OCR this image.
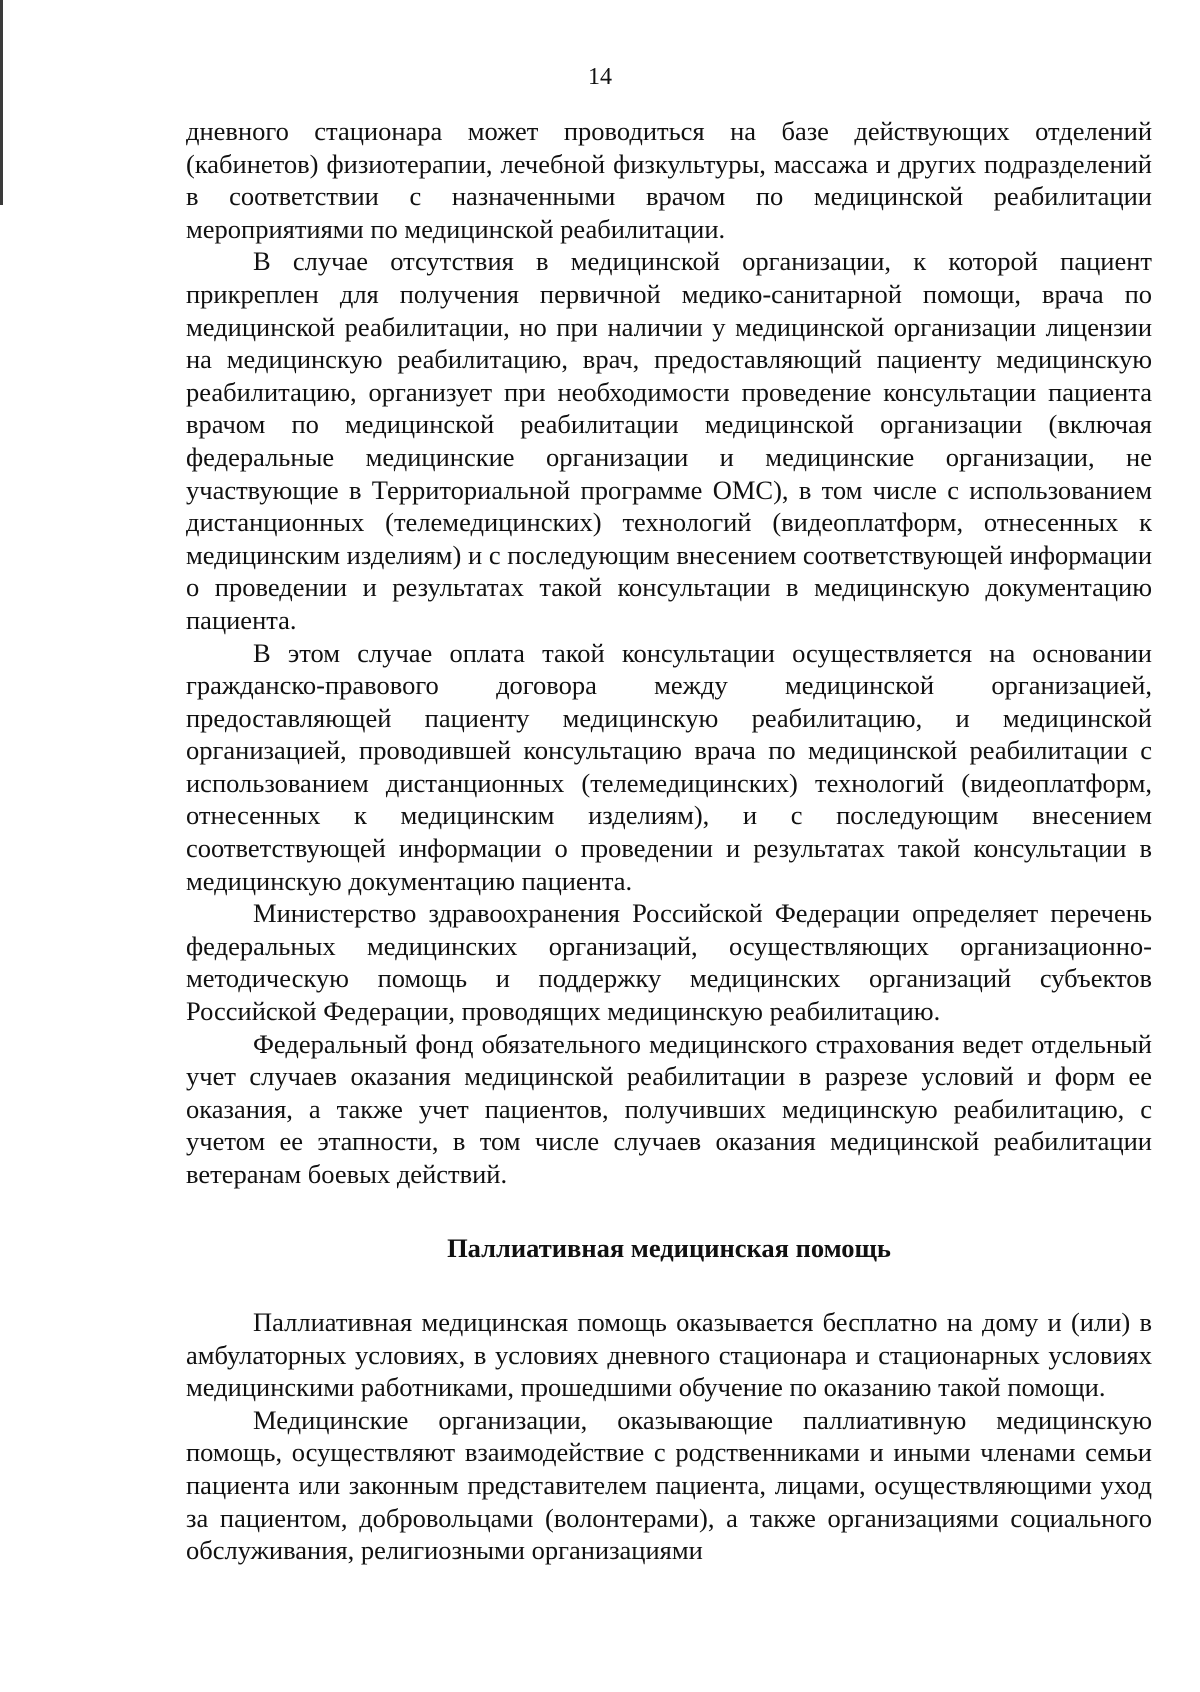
14

дневного стационара может проводиться на базе действующих отделений (кабинетов) физиотерапии, лечебной физкультуры, массажа и других подразделений в соответствии с назначенными врачом по медицинской реабилитации мероприятиями по медицинской реабилитации.

В случае отсутствия в медицинской организации, к которой пациент прикреплен для получения первичной медико-санитарной помощи, врача по медицинской реабилитации, но при наличии у медицинской организации лицензии на медицинскую реабилитацию, врач, предоставляющий пациенту медицинскую реабилитацию, организует при необходимости проведение консультации пациента врачом по медицинской реабилитации медицинской организации (включая федеральные медицинские организации и медицинские организации, не участвующие в Территориальной программе ОМС), в том числе с использованием дистанционных (телемедицинских) технологий (видеоплатформ, отнесенных к медицинским изделиям) и с последующим внесением соответствующей информации о проведении и результатах такой консультации в медицинскую документацию пациента.

В этом случае оплата такой консультации осуществляется на основании гражданско-правового договора между медицинской организацией, предоставляющей пациенту медицинскую реабилитацию, и медицинской организацией, проводившей консультацию врача по медицинской реабилитации с использованием дистанционных (телемедицинских) технологий (видеоплатформ, отнесенных к медицинским изделиям), и с последующим внесением соответствующей информации о проведении и результатах такой консультации в медицинскую документацию пациента.

Министерство здравоохранения Российской Федерации определяет перечень федеральных медицинских организаций, осуществляющих организационно-методическую помощь и поддержку медицинских организаций субъектов Российской Федерации, проводящих медицинскую реабилитацию.

Федеральный фонд обязательного медицинского страхования ведет отдельный учет случаев оказания медицинской реабилитации в разрезе условий и форм ее оказания, а также учет пациентов, получивших медицинскую реабилитацию, с учетом ее этапности, в том числе случаев оказания медицинской реабилитации ветеранам боевых действий.

Паллиативная медицинская помощь

Паллиативная медицинская помощь оказывается бесплатно на дому и (или) в амбулаторных условиях, в условиях дневного стационара и стационарных условиях медицинскими работниками, прошедшими обучение по оказанию такой помощи.

Медицинские организации, оказывающие паллиативную медицинскую помощь, осуществляют взаимодействие с родственниками и иными членами семьи пациента или законным представителем пациента, лицами, осуществляющими уход за пациентом, добровольцами (волонтерами), а также организациями социального обслуживания, религиозными организациями
